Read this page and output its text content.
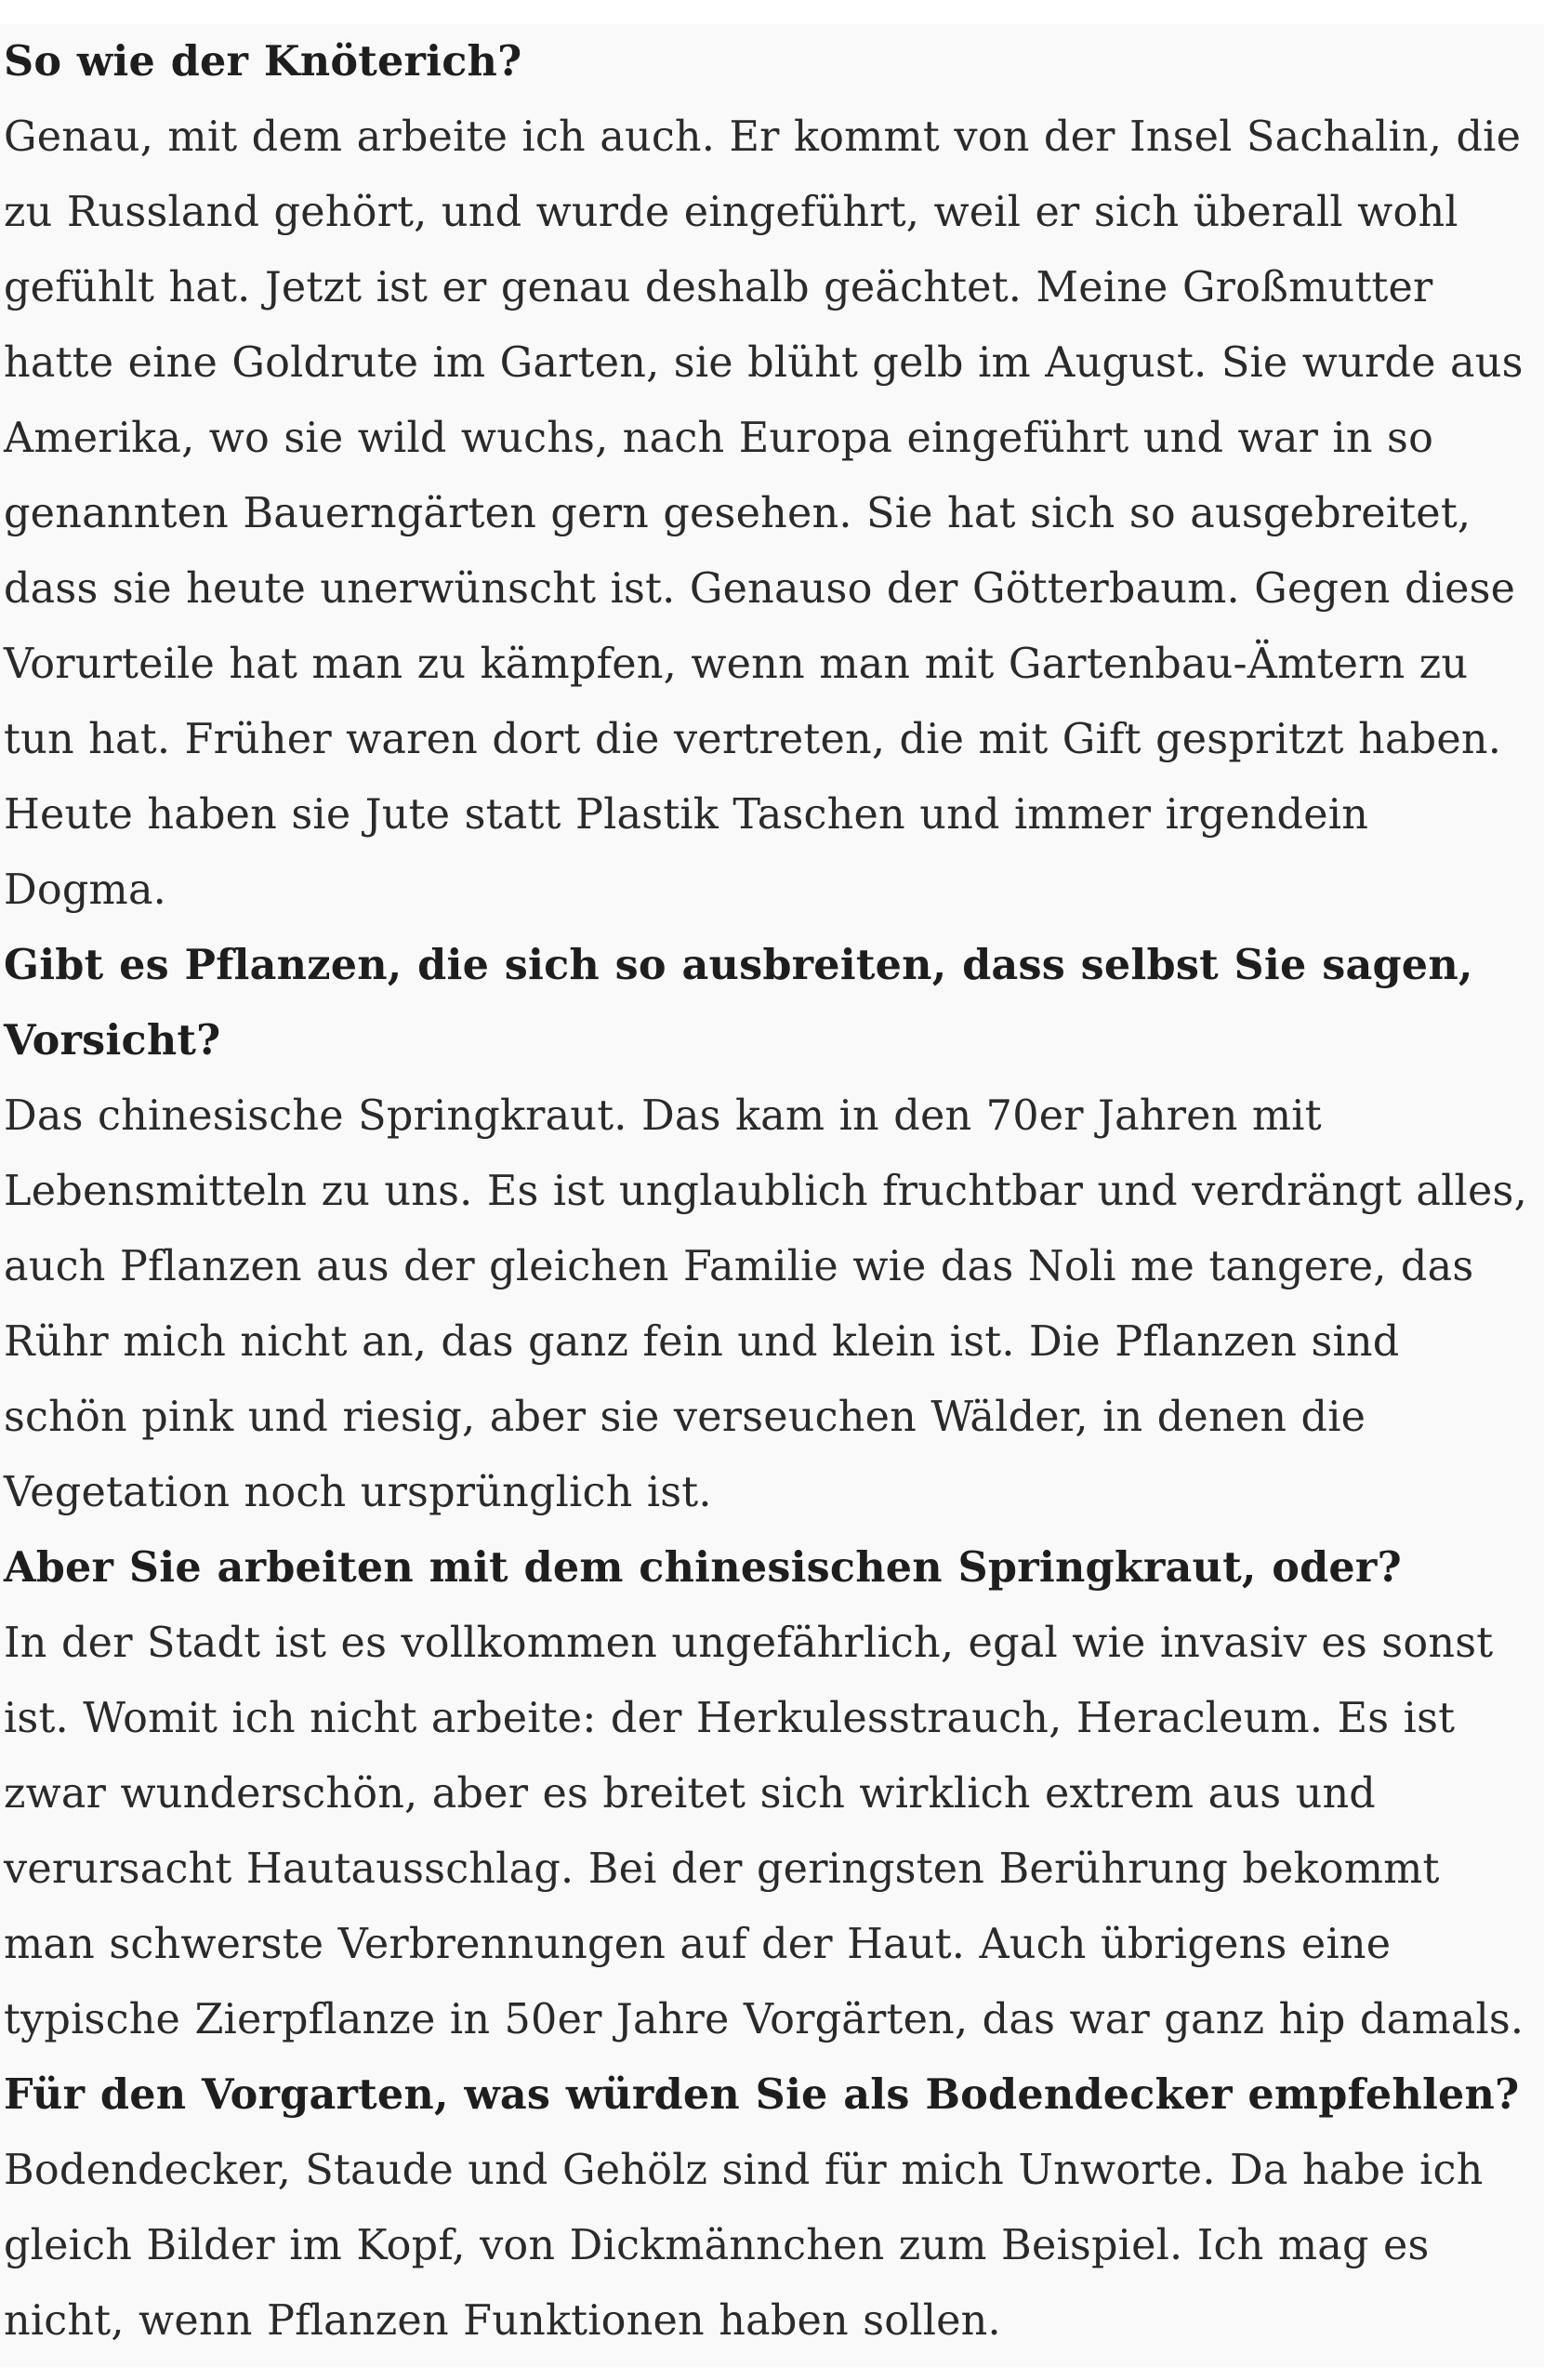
So wie der Knöterich?

Genau, mit dem arbeite ich auch. Er kommt von der Insel Sachalin, die zu Russland gehört, und wurde eingeführt, weil er sich überall wohl gefühlt hat. Jetzt ist er genau deshalb geächtet. Meine Großmutter hatte eine Goldrute im Garten, sie blüht gelb im August. Sie wurde aus Amerika, wo sie wild wuchs, nach Europa eingeführt und war in so genannten Bauerngärten gern gesehen. Sie hat sich so ausgebreitet, dass sie heute unerwünscht ist. Genauso der Götterbaum. Gegen diese Vorurteile hat man zu kämpfen, wenn man mit Gartenbau-Ämtern zu tun hat. Früher waren dort die vertreten, die mit Gift gespritzt haben. Heute haben sie Jute statt Plastik Taschen und immer irgendein Dogma.

Gibt es Pflanzen, die sich so ausbreiten, dass selbst Sie sagen, Vorsicht?

Das chinesische Springkraut. Das kam in den 70er Jahren mit Lebensmitteln zu uns. Es ist unglaublich fruchtbar und verdrängt alles, auch Pflanzen aus der gleichen Familie wie das Noli me tangere, das Rühr mich nicht an, das ganz fein und klein ist. Die Pflanzen sind schön pink und riesig, aber sie verseuchen Wälder, in denen die Vegetation noch ursprünglich ist.

Aber Sie arbeiten mit dem chinesischen Springkraut, oder?

In der Stadt ist es vollkommen ungefährlich, egal wie invasiv es sonst ist. Womit ich nicht arbeite: der Herkulesstrauch, Heracleum. Es ist zwar wunderschön, aber es breitet sich wirklich extrem aus und verursacht Hautausschlag. Bei der geringsten Berührung bekommt man schwerste Verbrennungen auf der Haut. Auch übrigens eine typische Zierpflanze in 50er Jahre Vorgärten, das war ganz hip damals.

Für den Vorgarten, was würden Sie als Bodendecker empfehlen?

Bodendecker, Staude und Gehölz sind für mich Unworte. Da habe ich gleich Bilder im Kopf, von Dickmännchen zum Beispiel. Ich mag es nicht, wenn Pflanzen Funktionen haben sollen.
